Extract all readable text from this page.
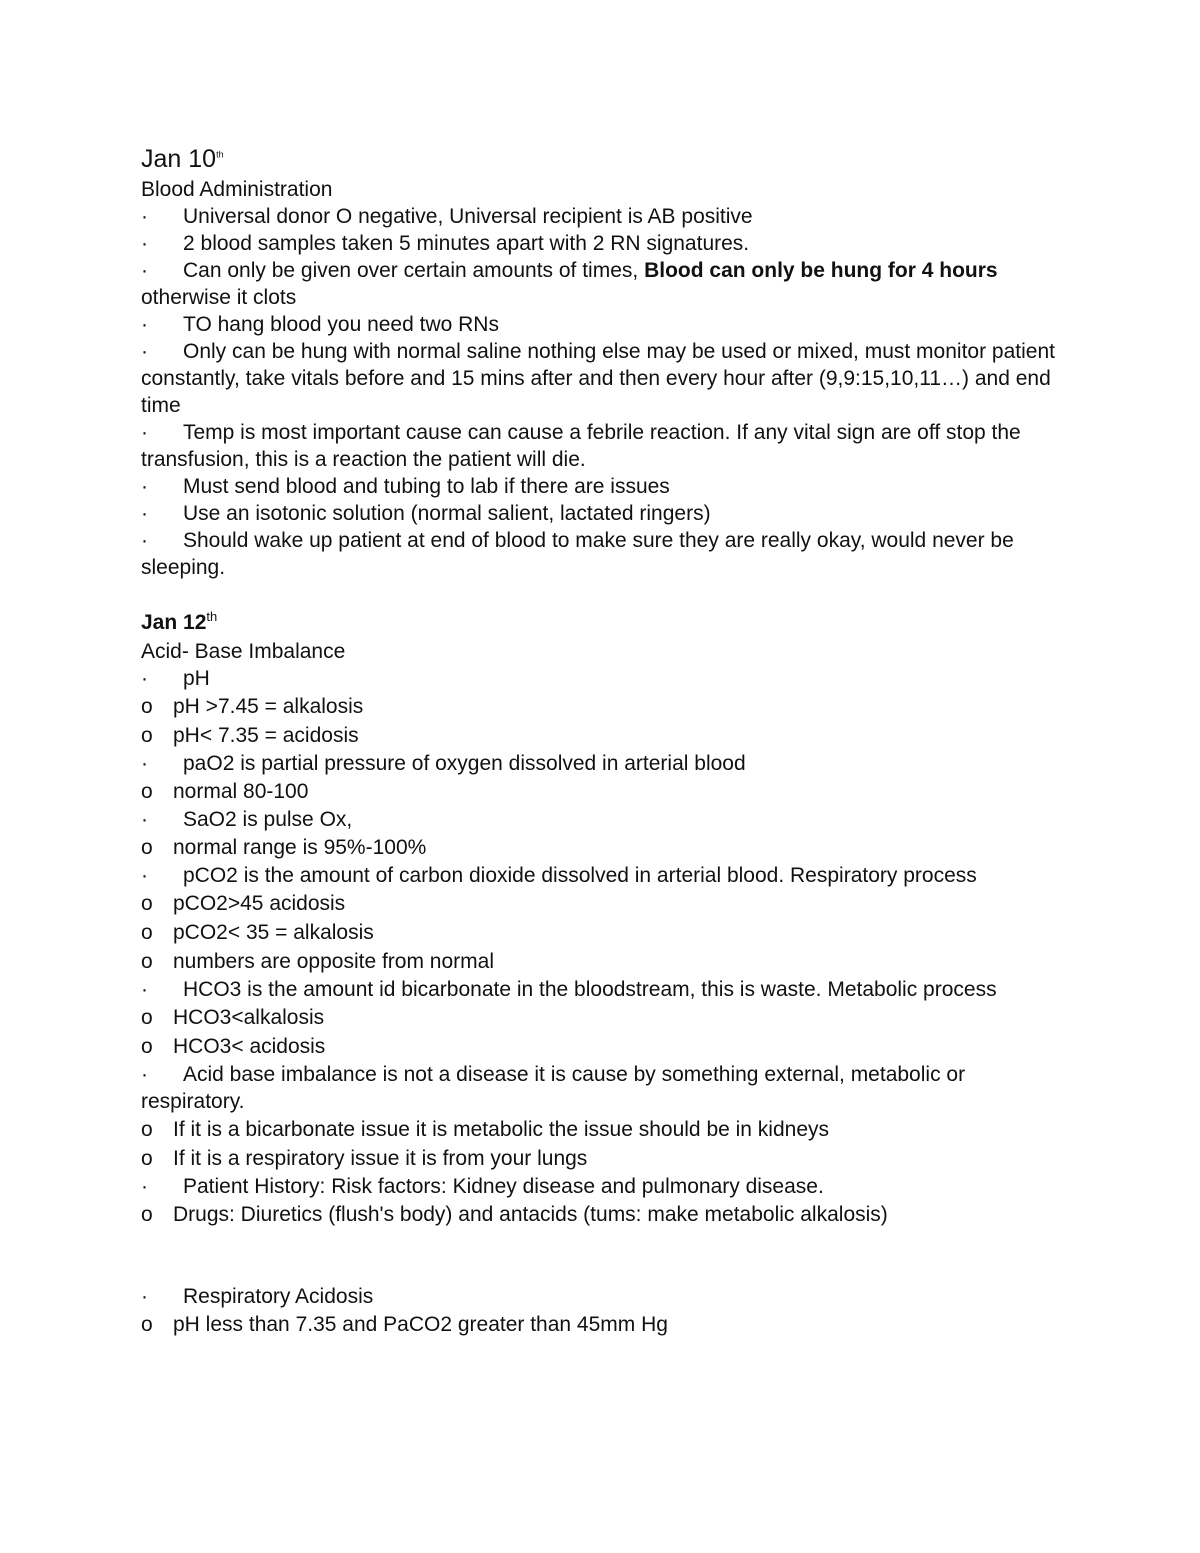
Jan 10th
Blood Administration
· Universal donor O negative, Universal recipient is AB positive
· 2 blood samples taken 5 minutes apart with 2 RN signatures.
· Can only be given over certain amounts of times, Blood can only be hung for 4 hours otherwise it clots
· TO hang blood you need two RNs
· Only can be hung with normal saline nothing else may be used or mixed, must monitor patient constantly, take vitals before and 15 mins after and then every hour after (9,9:15,10,11…) and end time
· Temp is most important cause can cause a febrile reaction. If any vital sign are off stop the transfusion, this is a reaction the patient will die.
· Must send blood and tubing to lab if there are issues
· Use an isotonic solution (normal salient, lactated ringers)
· Should wake up patient at end of blood to make sure they are really okay, would never be sleeping.
Jan 12th
Acid- Base Imbalance
· pH
o pH >7.45 = alkalosis
o pH< 7.35 = acidosis
· paO2 is partial pressure of oxygen dissolved in arterial blood
o normal 80-100
· SaO2 is pulse Ox,
o normal range is 95%-100%
· pCO2 is the amount of carbon dioxide dissolved in arterial blood. Respiratory process
o pCO2>45 acidosis
o pCO2< 35 = alkalosis
o numbers are opposite from normal
· HCO3 is the amount id bicarbonate in the bloodstream, this is waste. Metabolic process
o HCO3<alkalosis
o HCO3< acidosis
· Acid base imbalance is not a disease it is cause by something external, metabolic or respiratory.
o If it is a bicarbonate issue it is metabolic the issue should be in kidneys
o If it is a respiratory issue it is from your lungs
· Patient History: Risk factors: Kidney disease and pulmonary disease.
o Drugs: Diuretics (flush's body) and antacids (tums: make metabolic alkalosis)
· Respiratory Acidosis
o pH less than 7.35 and PaCO2 greater than 45mm Hg
